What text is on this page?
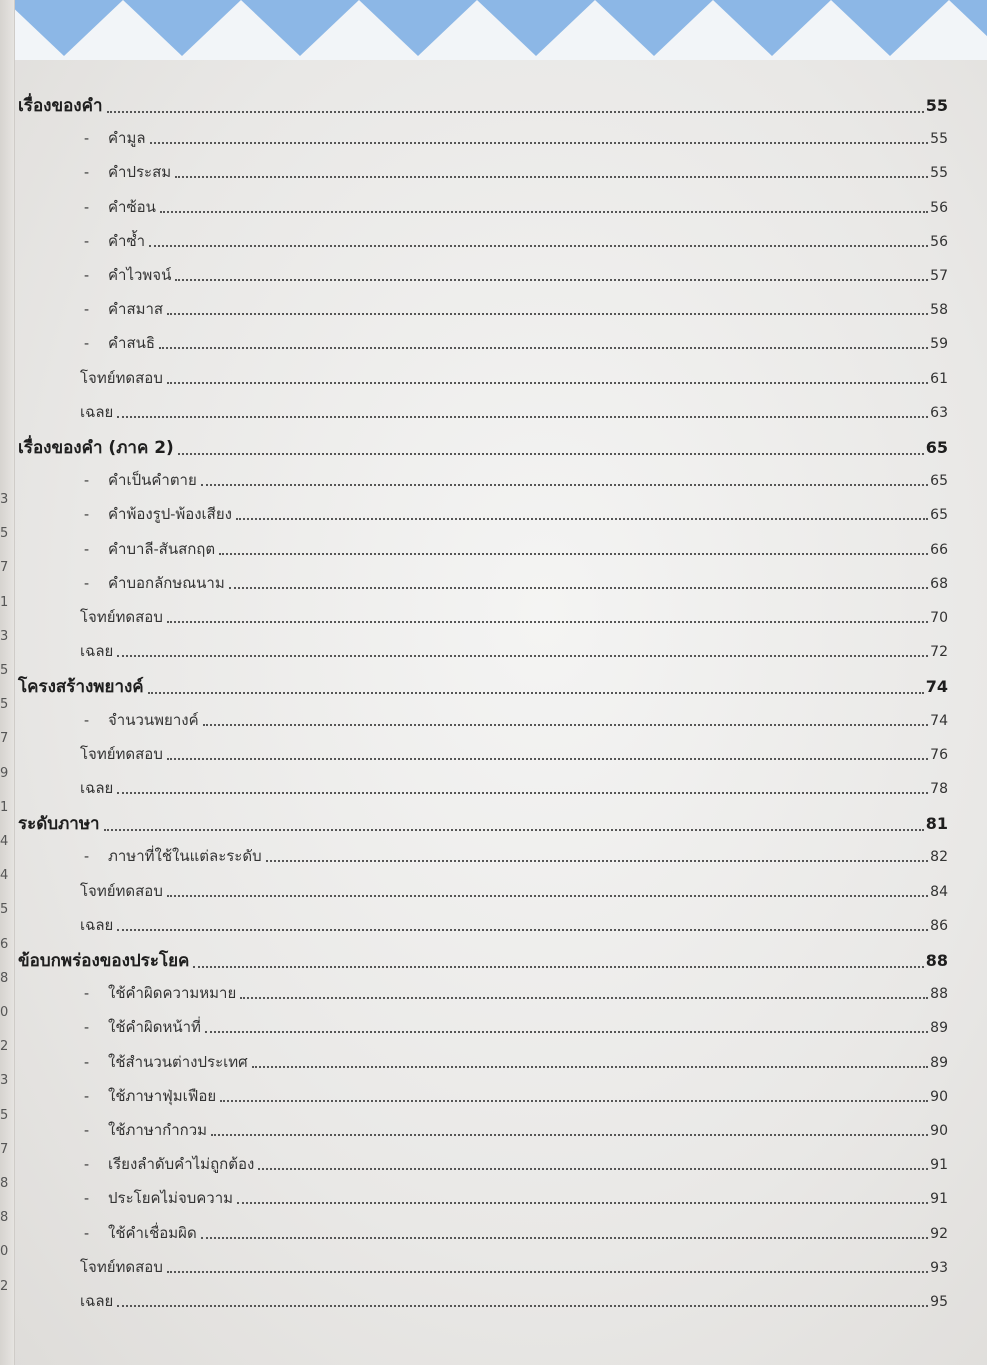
3
5
7
1
3
5
5
7
9
1
4
4
5
6
8
0
2
3
5
7
8
8
0
2
เรื่องของคำ	55
- คำมูล	55
- คำประสม	55
- คำซ้อน	56
- คำซ้ำ	56
- คำไวพจน์	57
- คำสมาส	58
- คำสนธิ	59
โจทย์ทดสอบ	61
เฉลย	63
เรื่องของคำ (ภาค 2)	65
- คำเป็นคำตาย	65
- คำพ้องรูป-พ้องเสียง	65
- คำบาลี-สันสกฤต	66
- คำบอกลักษณนาม	68
โจทย์ทดสอบ	70
เฉลย	72
โครงสร้างพยางค์	74
- จำนวนพยางค์	74
โจทย์ทดสอบ	76
เฉลย	78
ระดับภาษา	81
- ภาษาที่ใช้ในแต่ละระดับ	82
โจทย์ทดสอบ	84
เฉลย	86
ข้อบกพร่องของประโยค	88
- ใช้คำผิดความหมาย	88
- ใช้คำผิดหน้าที่	89
- ใช้สำนวนต่างประเทศ	89
- ใช้ภาษาฟุ่มเฟือย	90
- ใช้ภาษากำกวม	90
- เรียงลำดับคำไม่ถูกต้อง	91
- ประโยคไม่จบความ	91
- ใช้คำเชื่อมผิด	92
โจทย์ทดสอบ	93
เฉลย	95
